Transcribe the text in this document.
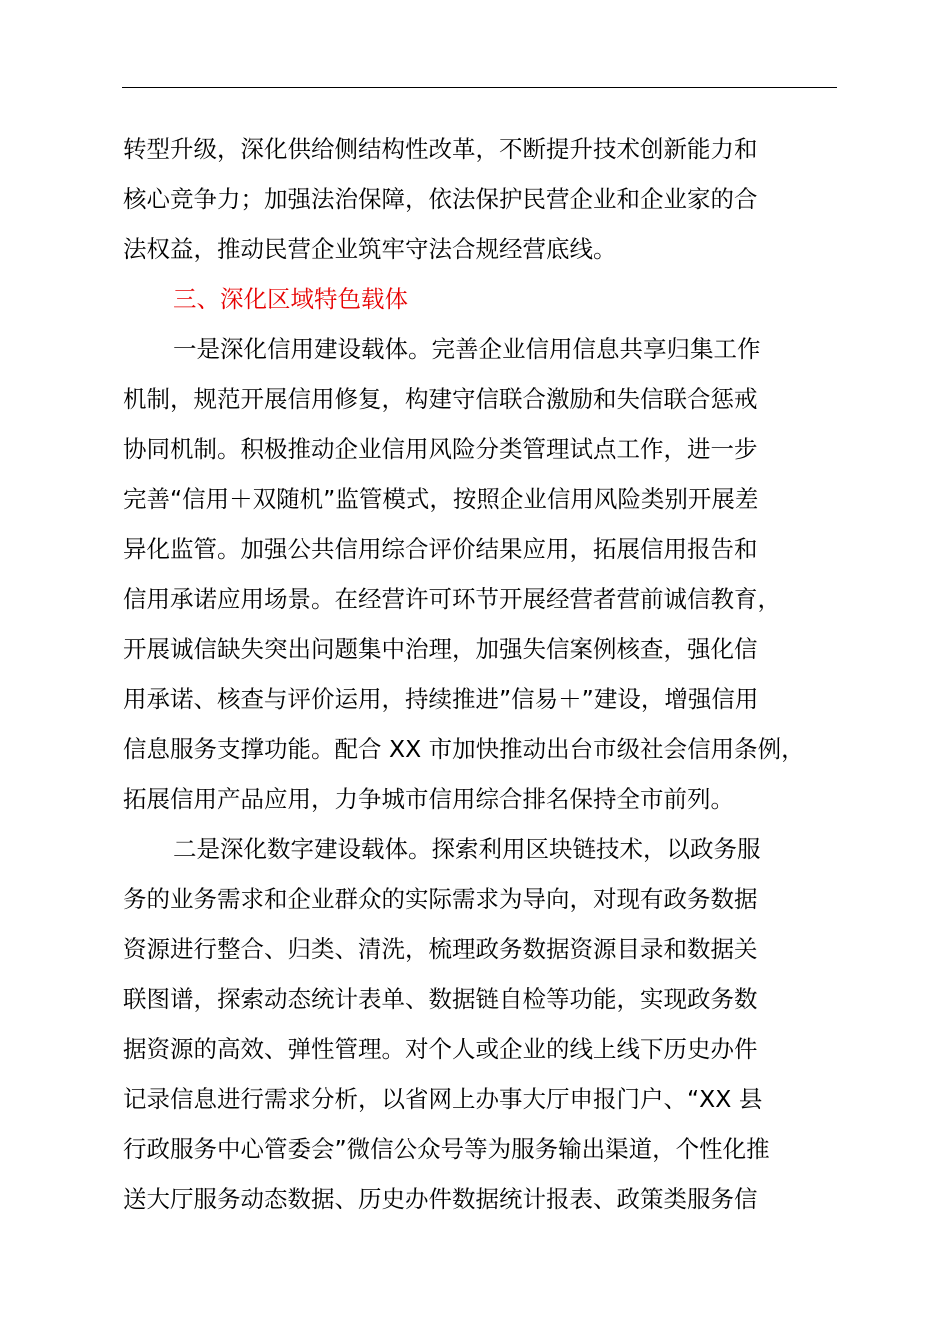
转型升级，深化供给侧结构性改革，不断提升技术创新能力和
核心竞争力；加强法治保障，依法保护民营企业和企业家的合
法权益，推动民营企业筑牢守法合规经营底线。
三、深化区域特色载体
一是深化信用建设载体。完善企业信用信息共享归集工作
机制，规范开展信用修复，构建守信联合激励和失信联合惩戒
协同机制。积极推动企业信用风险分类管理试点工作，进一步
完善“信用＋双随机”监管模式，按照企业信用风险类别开展差
异化监管。加强公共信用综合评价结果应用，拓展信用报告和
信用承诺应用场景。在经营许可环节开展经营者营前诚信教育，
开展诚信缺失突出问题集中治理，加强失信案例核查，强化信
用承诺、核查与评价运用，持续推进”信易＋”建设，增强信用
信息服务支撑功能。配合 XX 市加快推动出台市级社会信用条例，
拓展信用产品应用，力争城市信用综合排名保持全市前列。
二是深化数字建设载体。探索利用区块链技术，以政务服
务的业务需求和企业群众的实际需求为导向，对现有政务数据
资源进行整合、归类、清洗，梳理政务数据资源目录和数据关
联图谱，探索动态统计表单、数据链自检等功能，实现政务数
据资源的高效、弹性管理。对个人或企业的线上线下历史办件
记录信息进行需求分析，以省网上办事大厅申报门户、“XX 县
行政服务中心管委会”微信公众号等为服务输出渠道，个性化推
送大厅服务动态数据、历史办件数据统计报表、政策类服务信
